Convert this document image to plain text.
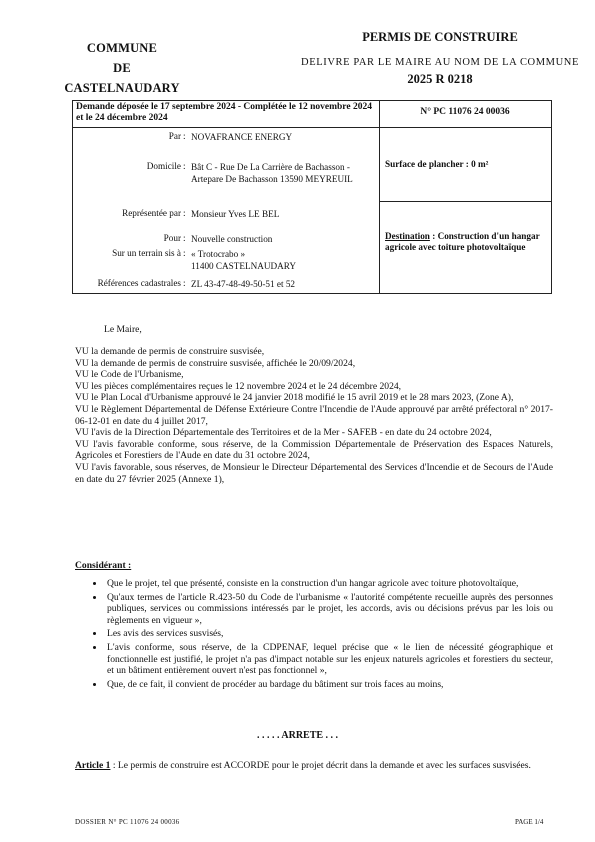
COMMUNE
DE
CASTELNAUDARY
PERMIS DE CONSTRUIRE
DELIVRE PAR LE MAIRE AU NOM DE LA COMMUNE
2025 R 0218
Demande déposée le 17 septembre 2024 - Complétée le 12 novembre 2024 et le 24 décembre 2024
N° PC 11076 24 00036
Par : NOVAFRANCE ENERGY
Domicile : Bât C - Rue De La Carrière de Bachasson - Artepare De Bachasson 13590 MEYREUIL
Représentée par : Monsieur Yves LE BEL
Pour : Nouvelle construction
Sur un terrain sis à : « Trotocrabo »
11400 CASTELNAUDARY
Références cadastrales : ZL 43-47-48-49-50-51 et 52
Surface de plancher : 0 m²
Destination : Construction d'un hangar agricole avec toiture photovoltaïque
Le Maire,
VU la demande de permis de construire susvisée,
VU la demande de permis de construire susvisée, affichée le 20/09/2024,
VU le Code de l'Urbanisme,
VU les pièces complémentaires reçues le 12 novembre 2024 et le 24 décembre 2024,
VU le Plan Local d'Urbanisme approuvé le 24 janvier 2018 modifié le 15 avril 2019 et le 28 mars 2023, (Zone A),
VU le Règlement Départemental de Défense Extérieure Contre l'Incendie de l'Aude approuvé par arrêté préfectoral n° 2017-06-12-01 en date du 4 juillet 2017,
VU l'avis de la Direction Départementale des Territoires et de la Mer - SAFEB - en date du 24 octobre 2024,
VU l'avis favorable conforme, sous réserve, de la Commission Départementale de Préservation des Espaces Naturels, Agricoles et Forestiers de l'Aude en date du 31 octobre 2024,
VU l'avis favorable, sous réserves, de Monsieur le Directeur Départemental des Services d'Incendie et de Secours de l'Aude en date du 27 février 2025 (Annexe 1),
Considérant :
• Que le projet, tel que présenté, consiste en la construction d'un hangar agricole avec toiture photovoltaïque,
• Qu'aux termes de l'article R.423-50 du Code de l'urbanisme « l'autorité compétente recueille auprès des personnes publiques, services ou commissions intéressés par le projet, les accords, avis ou décisions prévus par les lois ou règlements en vigueur »,
• Les avis des services susvisés,
• L'avis conforme, sous réserve, de la CDPENAF, lequel précise que « le lien de nécessité géographique et fonctionnelle est justifié, le projet n'a pas d'impact notable sur les enjeux naturels agricoles et forestiers du secteur, et un bâtiment entièrement ouvert n'est pas fonctionnel »,
• Que, de ce fait, il convient de procéder au bardage du bâtiment sur trois faces au moins,
. . . . . ARRETE . . .
Article 1 : Le permis de construire est ACCORDE pour le projet décrit dans la demande et avec les surfaces susvisées.
DOSSIER N° PC 11076 24 00036	PAGE 1/4
